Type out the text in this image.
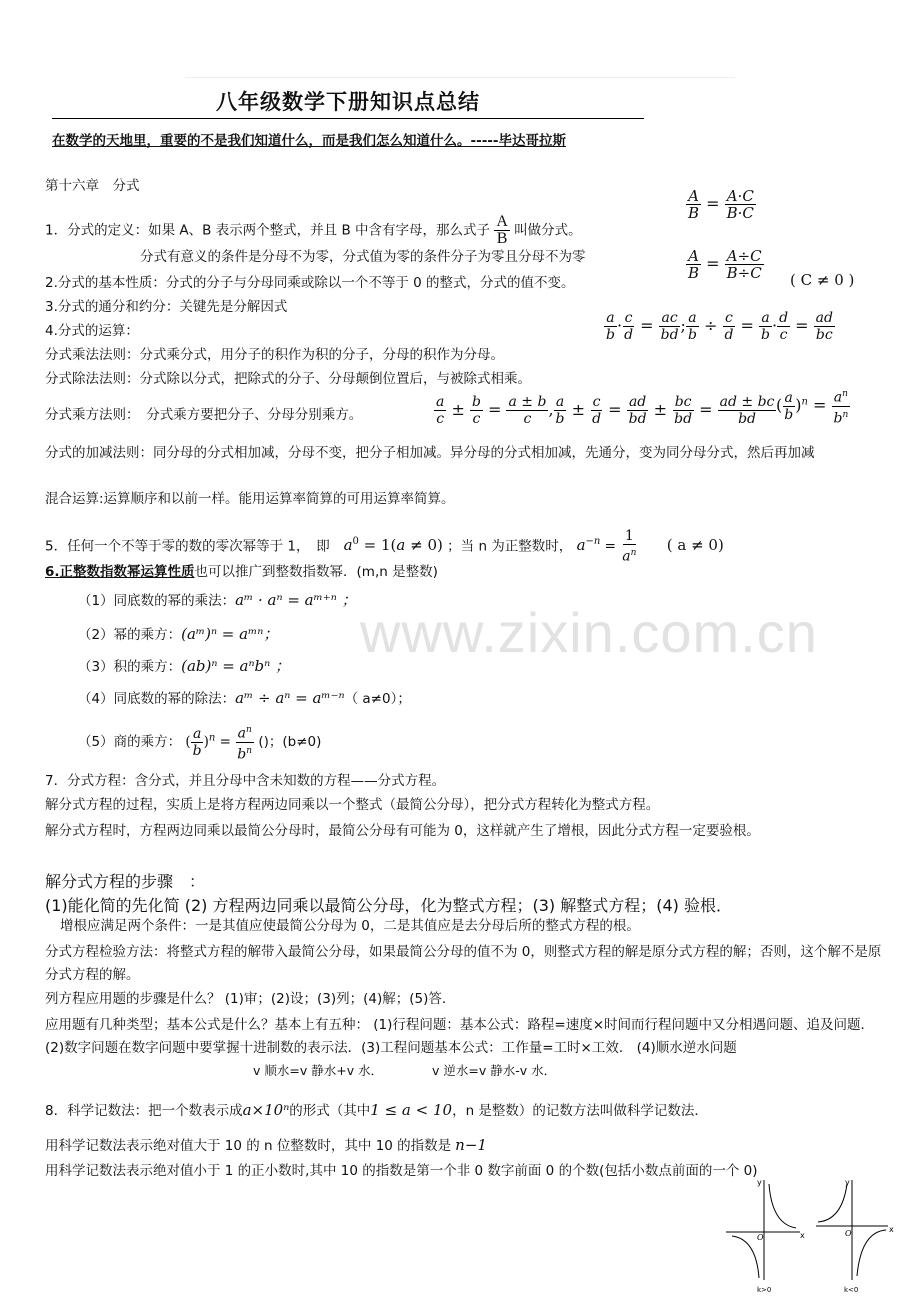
八年级数学下册知识点总结
在数学的天地里，重要的不是我们知道什么，而是我们怎么知道什么。-----毕达哥拉斯
www.zixin.com.cn
第十六章　分式
1．分式的定义：如果 A、B 表示两个整式，并且 B 中含有字母，那么式子 $\frac{A}{B}$ 叫做分式。
$\frac{A}{B} = \frac{A\cdot C}{B\cdot C}$
分式有意义的条件是分母不为零，分式值为零的条件分子为零且分母不为零	$\frac{A}{B} = \frac{A\div C}{B\div C}$ ( C ≠ 0 )
2.分式的基本性质：分式的分子与分母同乘或除以一个不等于 0 的整式，分式的值不变。
3.分式的通分和约分：关键先是分解因式
4.分式的运算：	$\frac{a}{b} \cdot \frac{c}{d} = \frac{ac}{bd}$ ; $\frac{a}{b} \div \frac{c}{d} = \frac{a}{b} \cdot \frac{d}{c} = \frac{ad}{bc}$
分式乘法法则：分式乘分式，用分子的积作为积的分子，分母的积作为分母。
分式除法法则：分式除以分式，把除式的分子、分母颠倒位置后，与被除式相乘。
分式乘方法则：　分式乘方要把分子、分母分别乘方。	$\frac{a}{c} \pm \frac{b}{c} = \frac{a \pm b}{c}$ , $\frac{a}{b} \pm \frac{c}{d} = \frac{ad}{bd} \pm \frac{bc}{bd} = \frac{ad \pm bc}{bd}$ ( $\frac{a}{b} )^n = \frac{a^n}{b^n}$
分式的加减法则：同分母的分式相加减，分母不变，把分子相加减。异分母的分式相加减，先通分，变为同分母分式，然后再加减
混合运算:运算顺序和以前一样。能用运算率简算的可用运算率简算。
5．任何一个不等于零的数的零次幂等于 1，　即   $a^0 = 1(a \ne 0)$ ；当 n 为正整数时， $a^{-n} = \frac{1}{a^n}$ ( a ≠ 0)
6.正整数指数幂运算性质也可以推广到整数指数幂．(m,n 是整数)
（1）同底数的幂的乘法：aᵐ · aⁿ = aᵐ⁺ⁿ ；
（2）幂的乘方：(aᵐ)ⁿ = aᵐⁿ；
（3）积的乘方：(ab)ⁿ = aⁿbⁿ ；
（4）同底数的幂的除法：aᵐ ÷ aⁿ = aᵐ⁻ⁿ（ a≠0）；
（5）商的乘方： ( $\frac{a}{b} )^n = \frac{a^n}{b^n}$ ()；(b≠0)
7．分式方程：含分式，并且分母中含未知数的方程——分式方程。
解分式方程的过程，实质上是将方程两边同乘以一个整式（最简公分母），把分式方程转化为整式方程。
解分式方程时，方程两边同乘以最简公分母时，最简公分母有可能为 0，这样就产生了增根，因此分式方程一定要验根。
解分式方程的步骤　：
(1)能化简的先化简 (2) 方程两边同乘以最简公分母，化为整式方程；(3) 解整式方程；(4) 验根．
增根应满足两个条件：一是其值应使最简公分母为 0，二是其值应是去分母后所的整式方程的根。
分式方程检验方法：将整式方程的解带入最简公分母，如果最简公分母的值不为 0，则整式方程的解是原分式方程的解；否则，这个解不是原分式方程的解。
列方程应用题的步骤是什么？ (1)审；(2)设；(3)列；(4)解；(5)答．
应用题有几种类型；基本公式是什么？基本上有五种： (1)行程问题：基本公式：路程=速度×时间而行程问题中又分相遇问题、追及问题．(2)数字问题在数字问题中要掌握十进制数的表示法．(3)工程问题基本公式：工作量=工时×工效． (4)顺水逆水问题
v 顺水=v 静水+v 水．	v 逆水=v 静水-v 水．
8．科学记数法：把一个数表示成a×10ⁿ的形式（其中1 ≤ a < 10，n 是整数）的记数方法叫做科学记数法．
用科学记数法表示绝对值大于 10 的 n 位整数时，其中 10 的指数是 n−1
用科学记数法表示绝对值小于 1 的正小数时,其中 10 的指数是第一个非 0 数字前面 0 的个数(包括小数点前面的一个 0)
y
x
O
k>0
y
x
O
k<0
